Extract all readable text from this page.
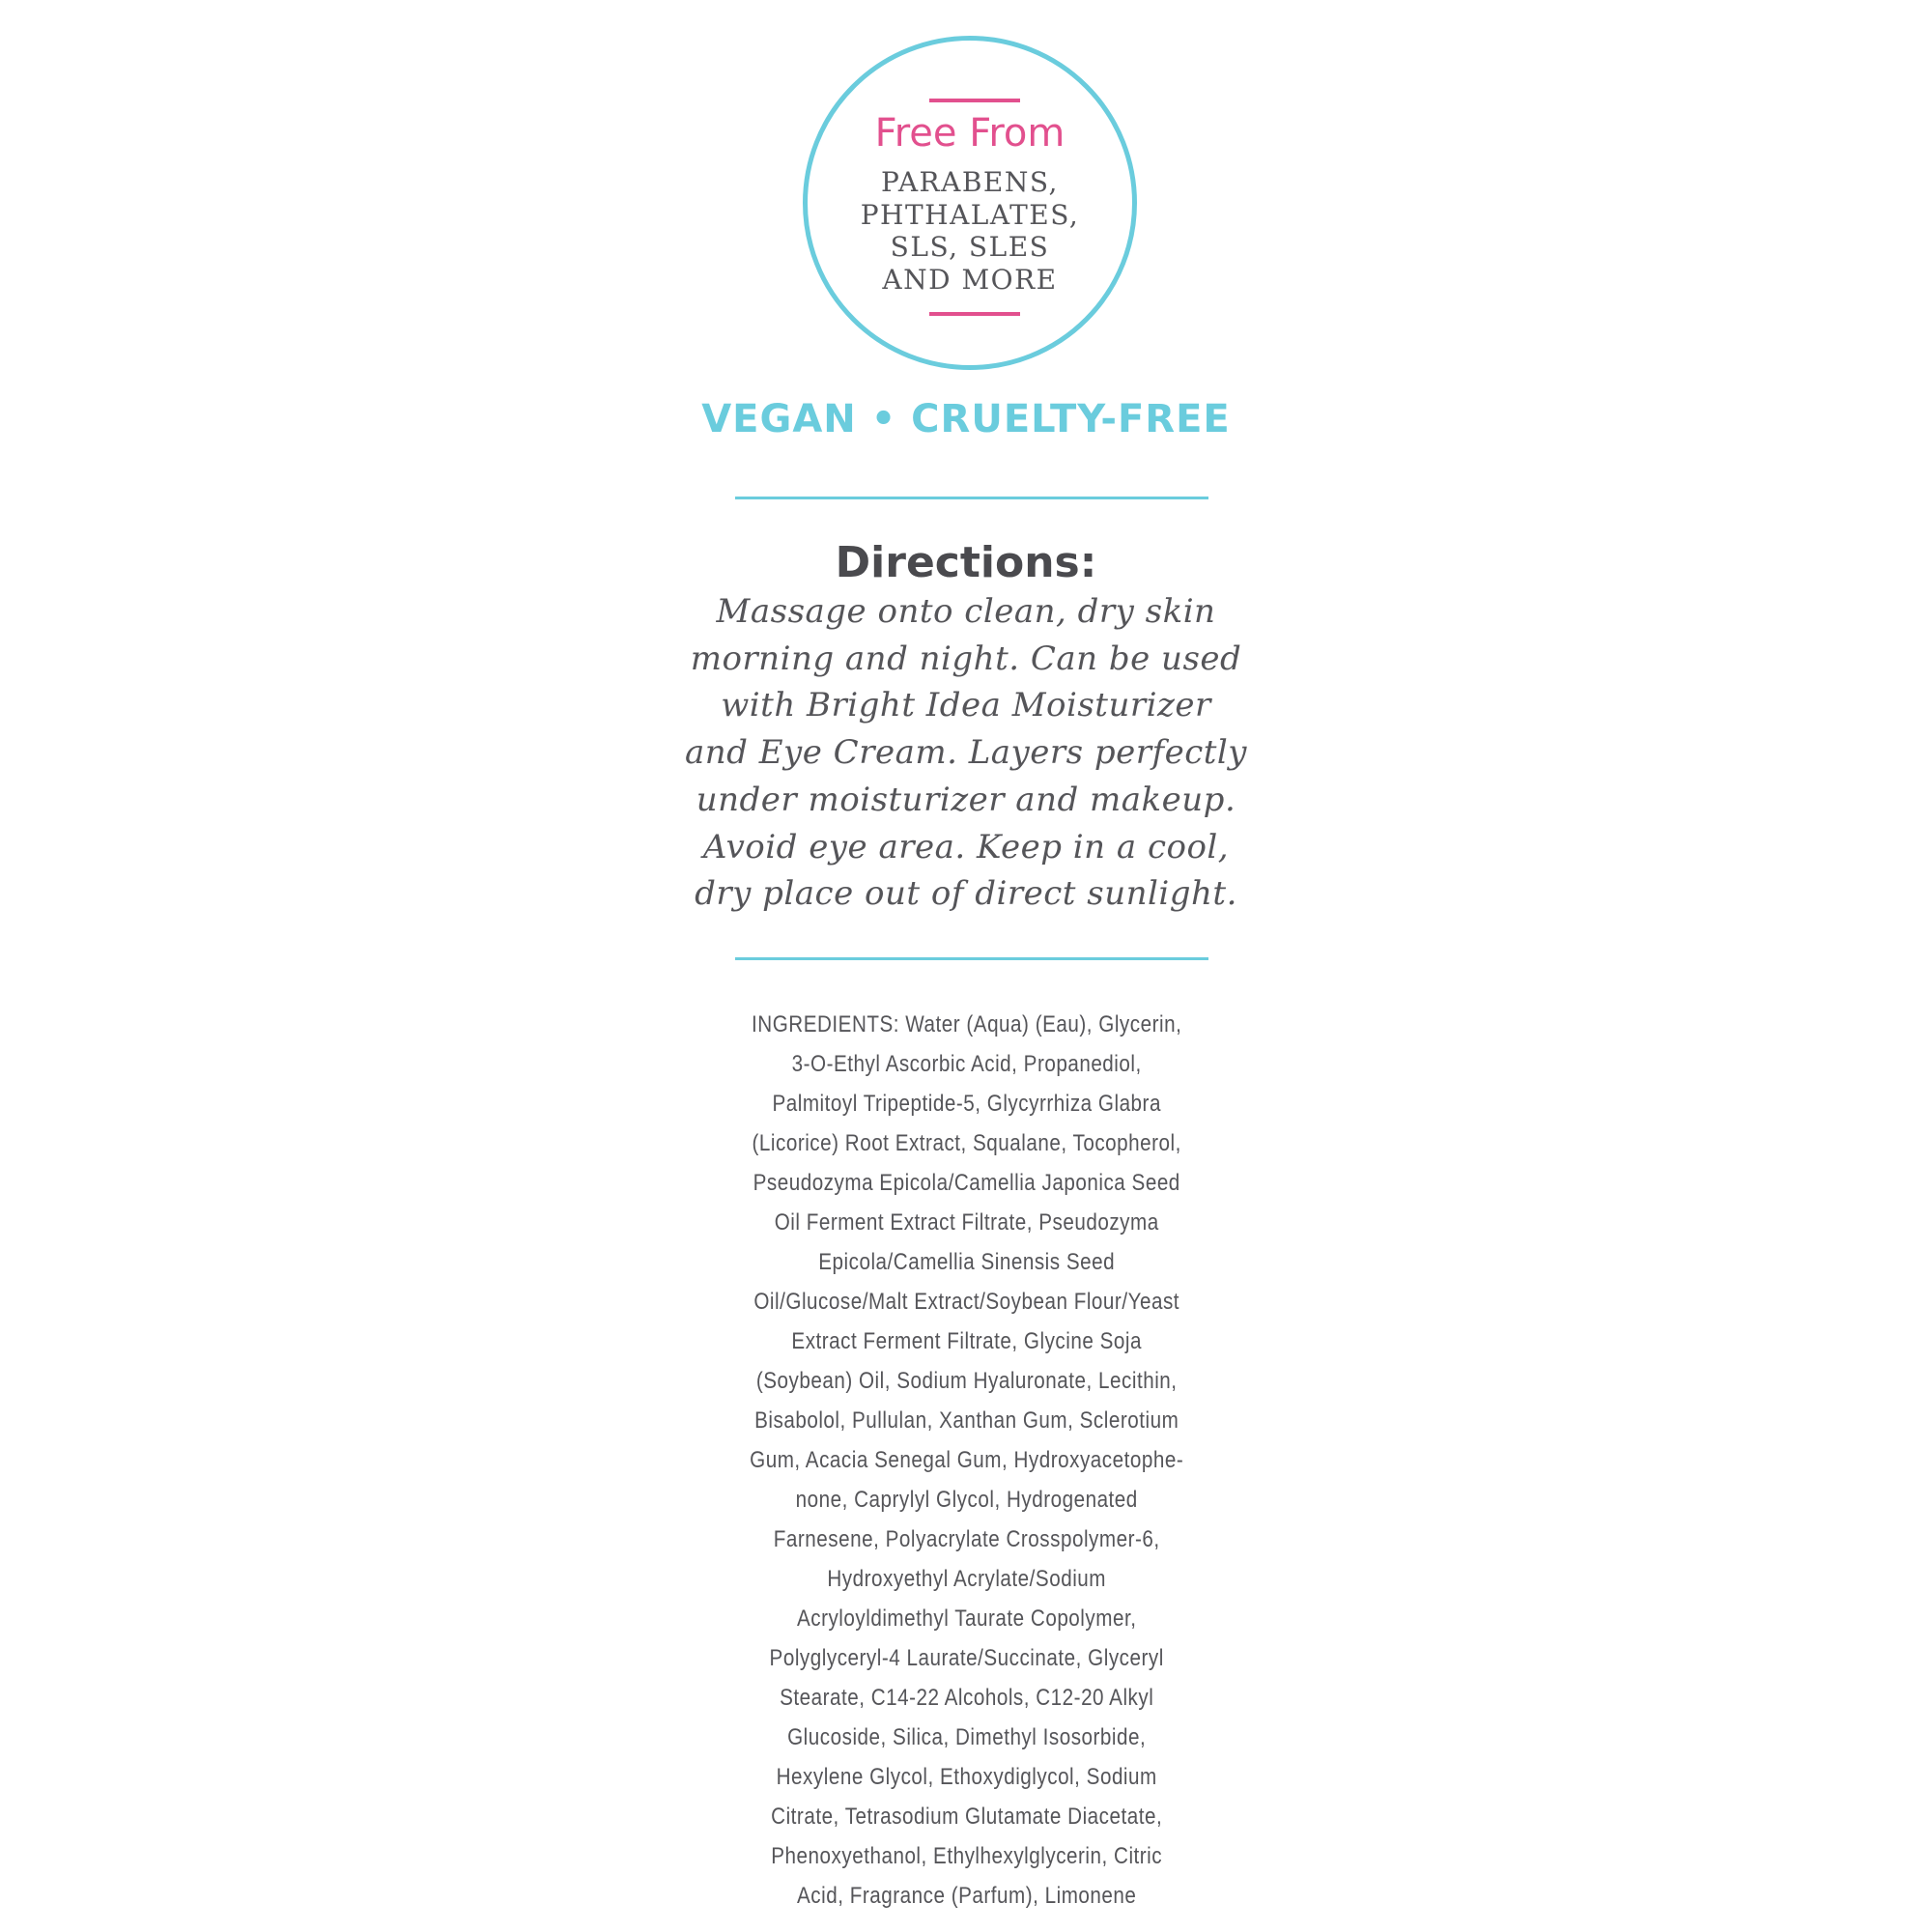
Free From
PARABENS,
PHTHALATES,
SLS, SLES
AND MORE
VEGAN • CRUELTY-FREE
Directions:
Massage onto clean, dry skin
morning and night. Can be used
with Bright Idea Moisturizer
and Eye Cream. Layers perfectly
under moisturizer and makeup.
Avoid eye area. Keep in a cool,
dry place out of direct sunlight.
INGREDIENTS: Water (Aqua) (Eau), Glycerin,
3-O-Ethyl Ascorbic Acid, Propanediol,
Palmitoyl Tripeptide-5, Glycyrrhiza Glabra
(Licorice) Root Extract, Squalane, Tocopherol,
Pseudozyma Epicola/Camellia Japonica Seed
Oil Ferment Extract Filtrate, Pseudozyma
Epicola/Camellia Sinensis Seed
Oil/Glucose/Malt Extract/Soybean Flour/Yeast
Extract Ferment Filtrate, Glycine Soja
(Soybean) Oil, Sodium Hyaluronate, Lecithin,
Bisabolol, Pullulan, Xanthan Gum, Sclerotium
Gum, Acacia Senegal Gum, Hydroxyacetophe-
none, Caprylyl Glycol, Hydrogenated
Farnesene, Polyacrylate Crosspolymer-6,
Hydroxyethyl Acrylate/Sodium
Acryloyldimethyl Taurate Copolymer,
Polyglyceryl-4 Laurate/Succinate, Glyceryl
Stearate, C14-22 Alcohols, C12-20 Alkyl
Glucoside, Silica, Dimethyl Isosorbide,
Hexylene Glycol, Ethoxydiglycol, Sodium
Citrate, Tetrasodium Glutamate Diacetate,
Phenoxyethanol, Ethylhexylglycerin, Citric
Acid, Fragrance (Parfum), Limonene
